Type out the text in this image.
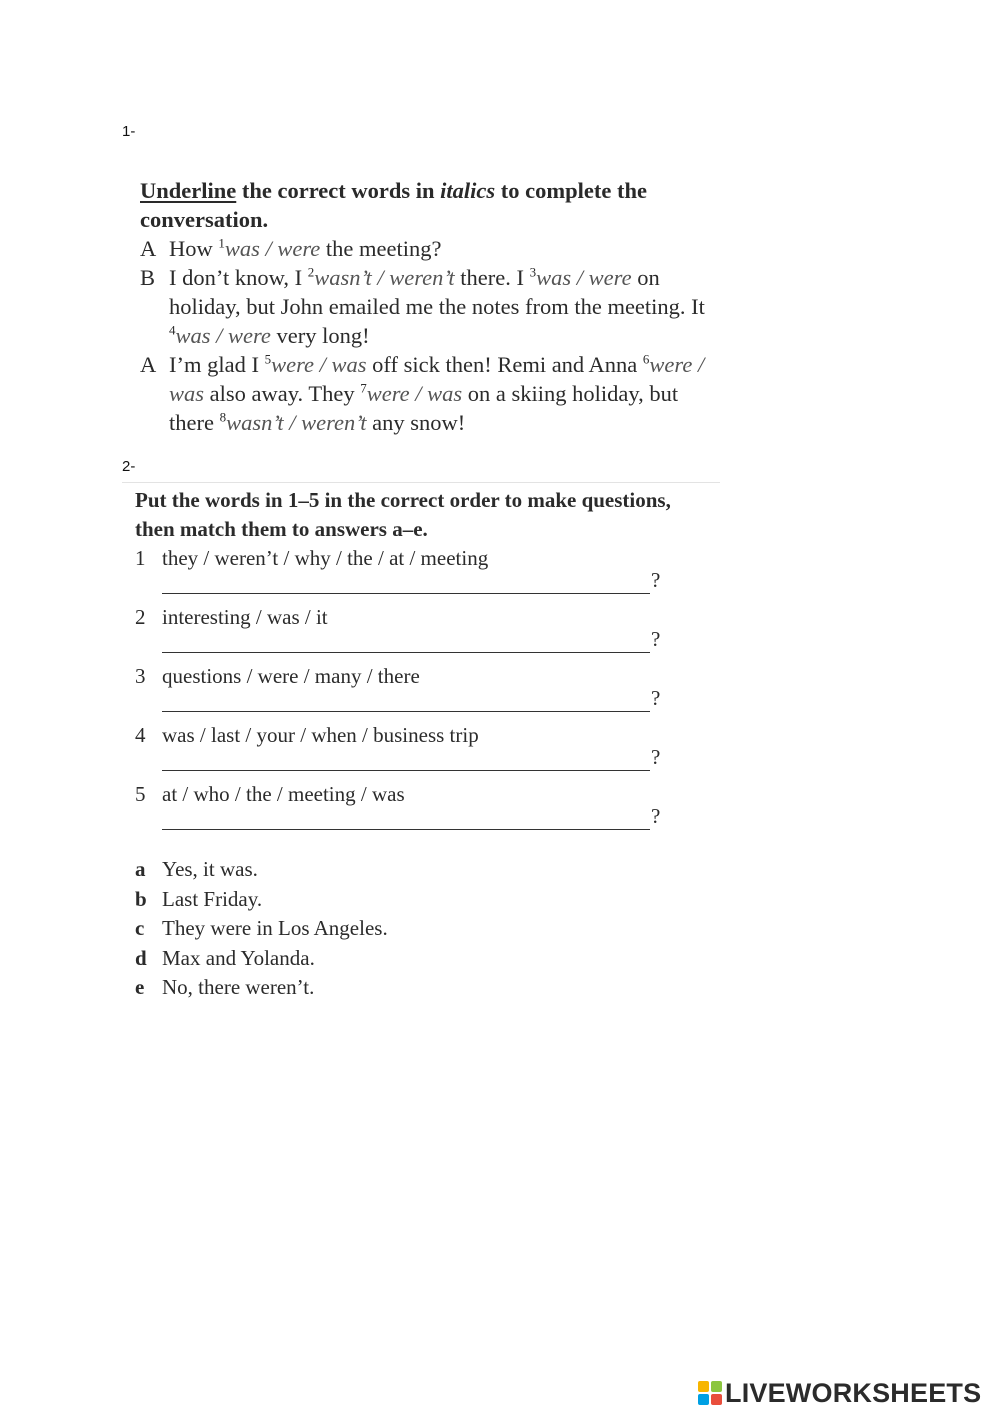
1-
Underline the correct words in italics to complete the conversation.
A How $^1$was / were the meeting?
B I don’t know, I $^2$wasn’t / weren’t there. I $^3$was / were on holiday, but John emailed me the notes from the meeting. It $^4$was / were very long!
A I’m glad I $^5$were / was off sick then! Remi and Anna $^6$were / was also away. They $^7$were / was on a skiing holiday, but there $^8$wasn’t / weren’t any snow!
2-
Put the words in 1–5 in the correct order to make questions, then match them to answers a–e.
1 they / weren’t / why / the / at / meeting
?
2 interesting / was / it
?
3 questions / were / many / there
?
4 was / last / your / when / business trip
?
5 at / who / the / meeting / was
?
a Yes, it was.
b Last Friday.
c They were in Los Angeles.
d Max and Yolanda.
e No, there weren’t.
LIVEWORKSHEETS
